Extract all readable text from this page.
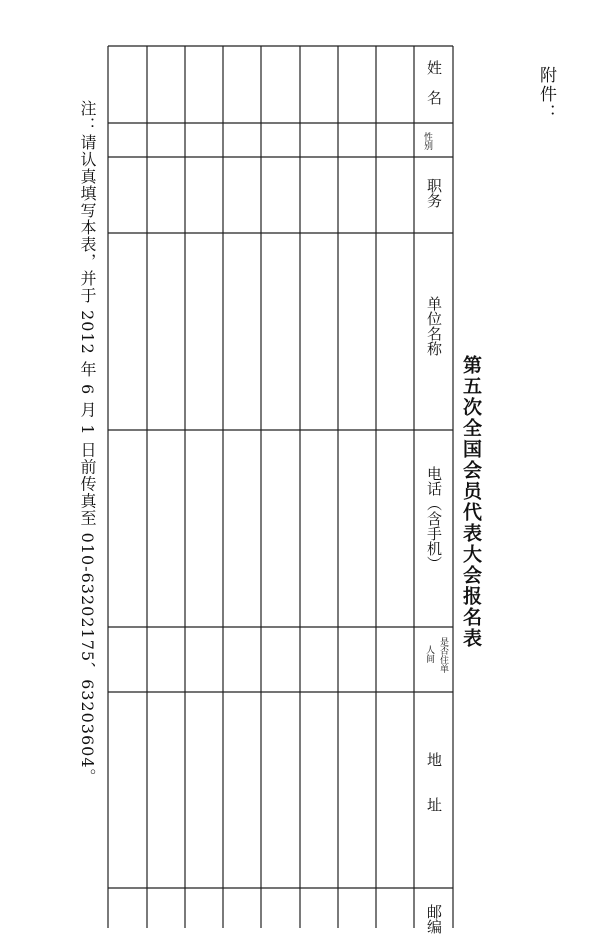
附件：
第五次全国会员代表大会报名表
姓　名
性别
职务
单位名称
电话（含手机）
是否住单
人间
地　　址
邮编
注：请认真填写本表，并于 2012 年 6 月 1 日前传真至 010-63202175、63203604。
